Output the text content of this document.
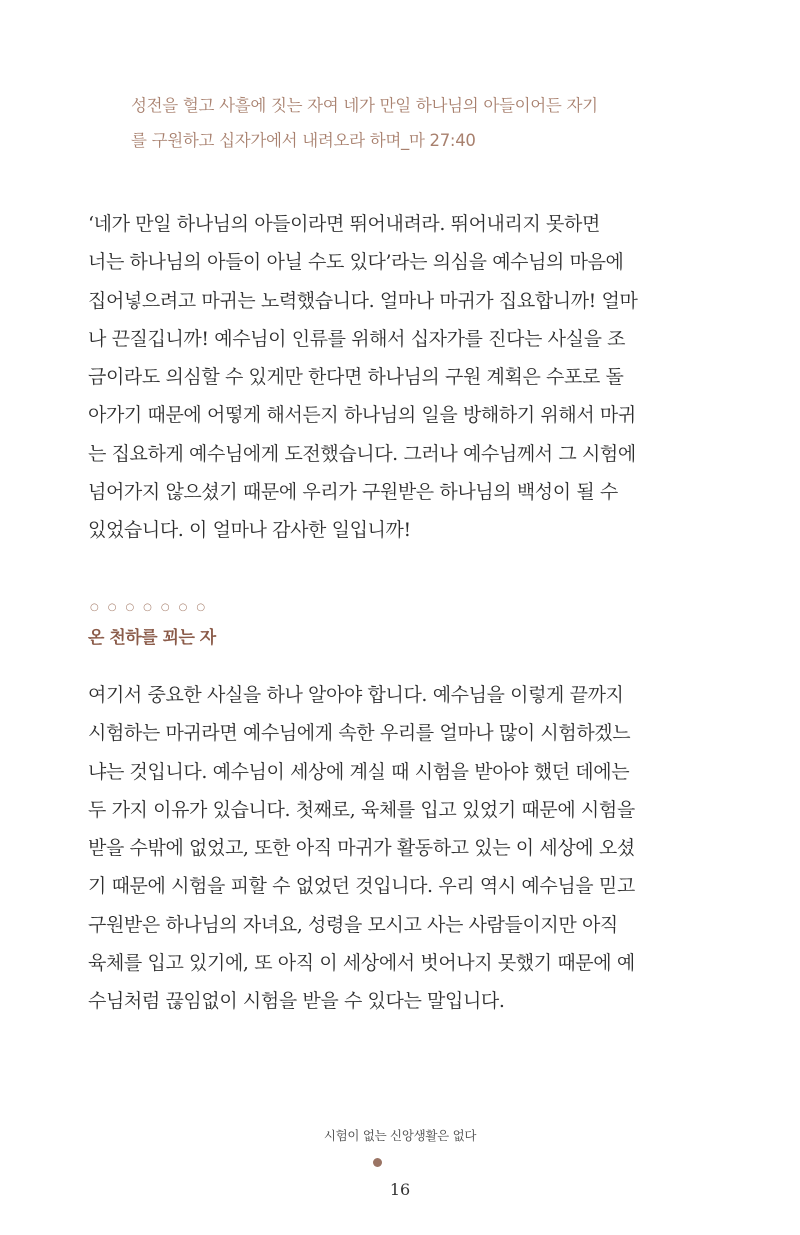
성전을 헐고 사흘에 짓는 자여 네가 만일 하나님의 아들이어든 자기
를 구원하고 십자가에서 내려오라 하며_마 27:40
‘네가 만일 하나님의 아들이라면 뛰어내려라. 뛰어내리지 못하면
너는 하나님의 아들이 아닐 수도 있다’라는 의심을 예수님의 마음에
집어넣으려고 마귀는 노력했습니다. 얼마나 마귀가 집요합니까! 얼마
나 끈질깁니까! 예수님이 인류를 위해서 십자가를 진다는 사실을 조
금이라도 의심할 수 있게만 한다면 하나님의 구원 계획은 수포로 돌
아가기 때문에 어떻게 해서든지 하나님의 일을 방해하기 위해서 마귀
는 집요하게 예수님에게 도전했습니다. 그러나 예수님께서 그 시험에
넘어가지 않으셨기 때문에 우리가 구원받은 하나님의 백성이 될 수
있었습니다. 이 얼마나 감사한 일입니까!
○○○○○○○
온 천하를 꾀는 자
여기서 중요한 사실을 하나 알아야 합니다. 예수님을 이렇게 끝까지
시험하는 마귀라면 예수님에게 속한 우리를 얼마나 많이 시험하겠느
냐는 것입니다. 예수님이 세상에 계실 때 시험을 받아야 했던 데에는
두 가지 이유가 있습니다. 첫째로, 육체를 입고 있었기 때문에 시험을
받을 수밖에 없었고, 또한 아직 마귀가 활동하고 있는 이 세상에 오셨
기 때문에 시험을 피할 수 없었던 것입니다. 우리 역시 예수님을 믿고
구원받은 하나님의 자녀요, 성령을 모시고 사는 사람들이지만 아직
육체를 입고 있기에, 또 아직 이 세상에서 벗어나지 못했기 때문에 예
수님처럼 끊임없이 시험을 받을 수 있다는 말입니다.
시험이 없는 신앙생활은 없다
16
